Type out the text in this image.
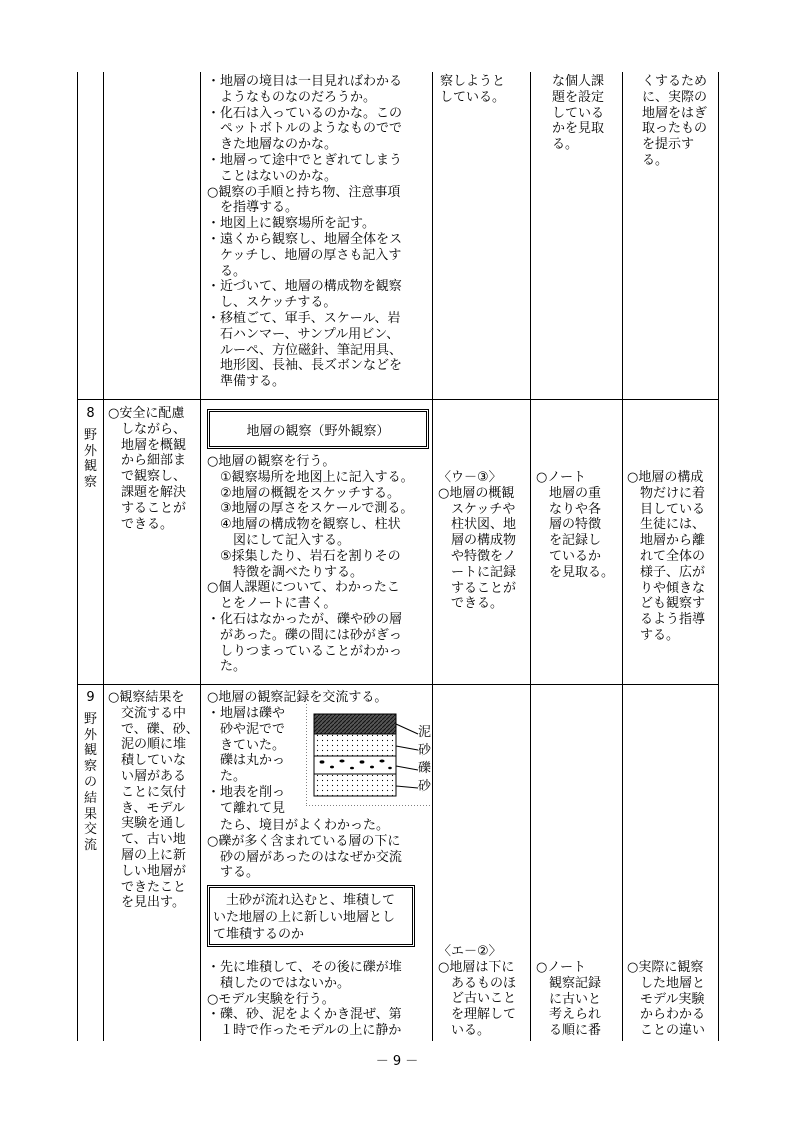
・地層の境目は一目見ればわかる
　ようなものなのだろうか。
・化石は入っているのかな。この
　ペットボトルのようなものでで
　きた地層なのかな。
・地層って途中でとぎれてしまう
　ことはないのかな。
○観察の手順と持ち物、注意事項
　を指導する。
・地図上に観察場所を記す。
・遠くから観察し、地層全体をス
　ケッチし、地層の厚さも記入す
　る。
・近づいて、地層の構成物を観察
　し、スケッチする。
・移植ごて、軍手、スケール、岩
　石ハンマー、サンプル用ビン、
　ルーペ、方位磁針、筆記用具、
　地形図、長袖、長ズボンなどを
　準備する。
察しようと
している。
な個人課
題を設定
している
かを見取
る。
くするため
に、実際の
地層をはぎ
取ったもの
を提示す
る。
8
野
外
観
察
○安全に配慮
　しながら、
　地層を概観
　から細部ま
　で観察し、
　課題を解決
　することが
　できる。
地層の観察（野外観察）
○地層の観察を行う。
　①観察場所を地図上に記入する。
　②地層の概観をスケッチする。
　③地層の厚さをスケールで測る。
　④地層の構成物を観察し、柱状
　　図にして記入する。
　⑤採集したり、岩石を割りその
　　特徴を調べたりする。
○個人課題について、わかったこ
　とをノートに書く。
・化石はなかったが、礫や砂の層
　があった。礫の間には砂がぎっ
　しりつまっていることがわかっ
　た。
〈ウ－③〉
○地層の概観
　スケッチや
　柱状図、地
　層の構成物
　や特徴をノ
　ートに記録
　することが
　できる。
○ノート
　地層の重
　なりや各
　層の特徴
　を記録し
　ているか
　を見取る。
○地層の構成
　物だけに着
　目している
　生徒には、
　地層から離
　れて全体の
　様子、広が
　りや傾きな
　ども観察す
　るよう指導
　する。
9
野
外
観
察
の
結
果
交
流
○観察結果を
　交流する中
　で、礫、砂、
　泥の順に堆
　積していな
　い層がある
　ことに気付
　き、モデル
　実験を通し
　て、古い地
　層の上に新
　しい地層が
　できたこと
　を見出す。
○地層の観察記録を交流する。
・地層は礫や
　砂や泥でで
　きていた。
　礫は丸かっ
　た。
・地表を削っ
　て離れて見
泥
砂
礫
砂
　たら、境目がよくわかった。
○礫が多く含まれている層の下に
　砂の層があったのはなぜか交流
　する。
土砂が流れ込むと、堆積して
いた地層の上に新しい地層とし
て堆積するのか
・先に堆積して、その後に礫が堆
　積したのではないか。
○モデル実験を行う。
・礫、砂、泥をよくかき混ぜ、第
　１時で作ったモデルの上に静か
〈エ－②〉
○地層は下に
　あるものほ
　ど古いこと
　を理解して
　いる。
○ノート
　観察記録
　に古いと
　考えられ
　る順に番
○実際に観察
　した地層と
　モデル実験
　からわかる
　ことの違い
－ 9 －
